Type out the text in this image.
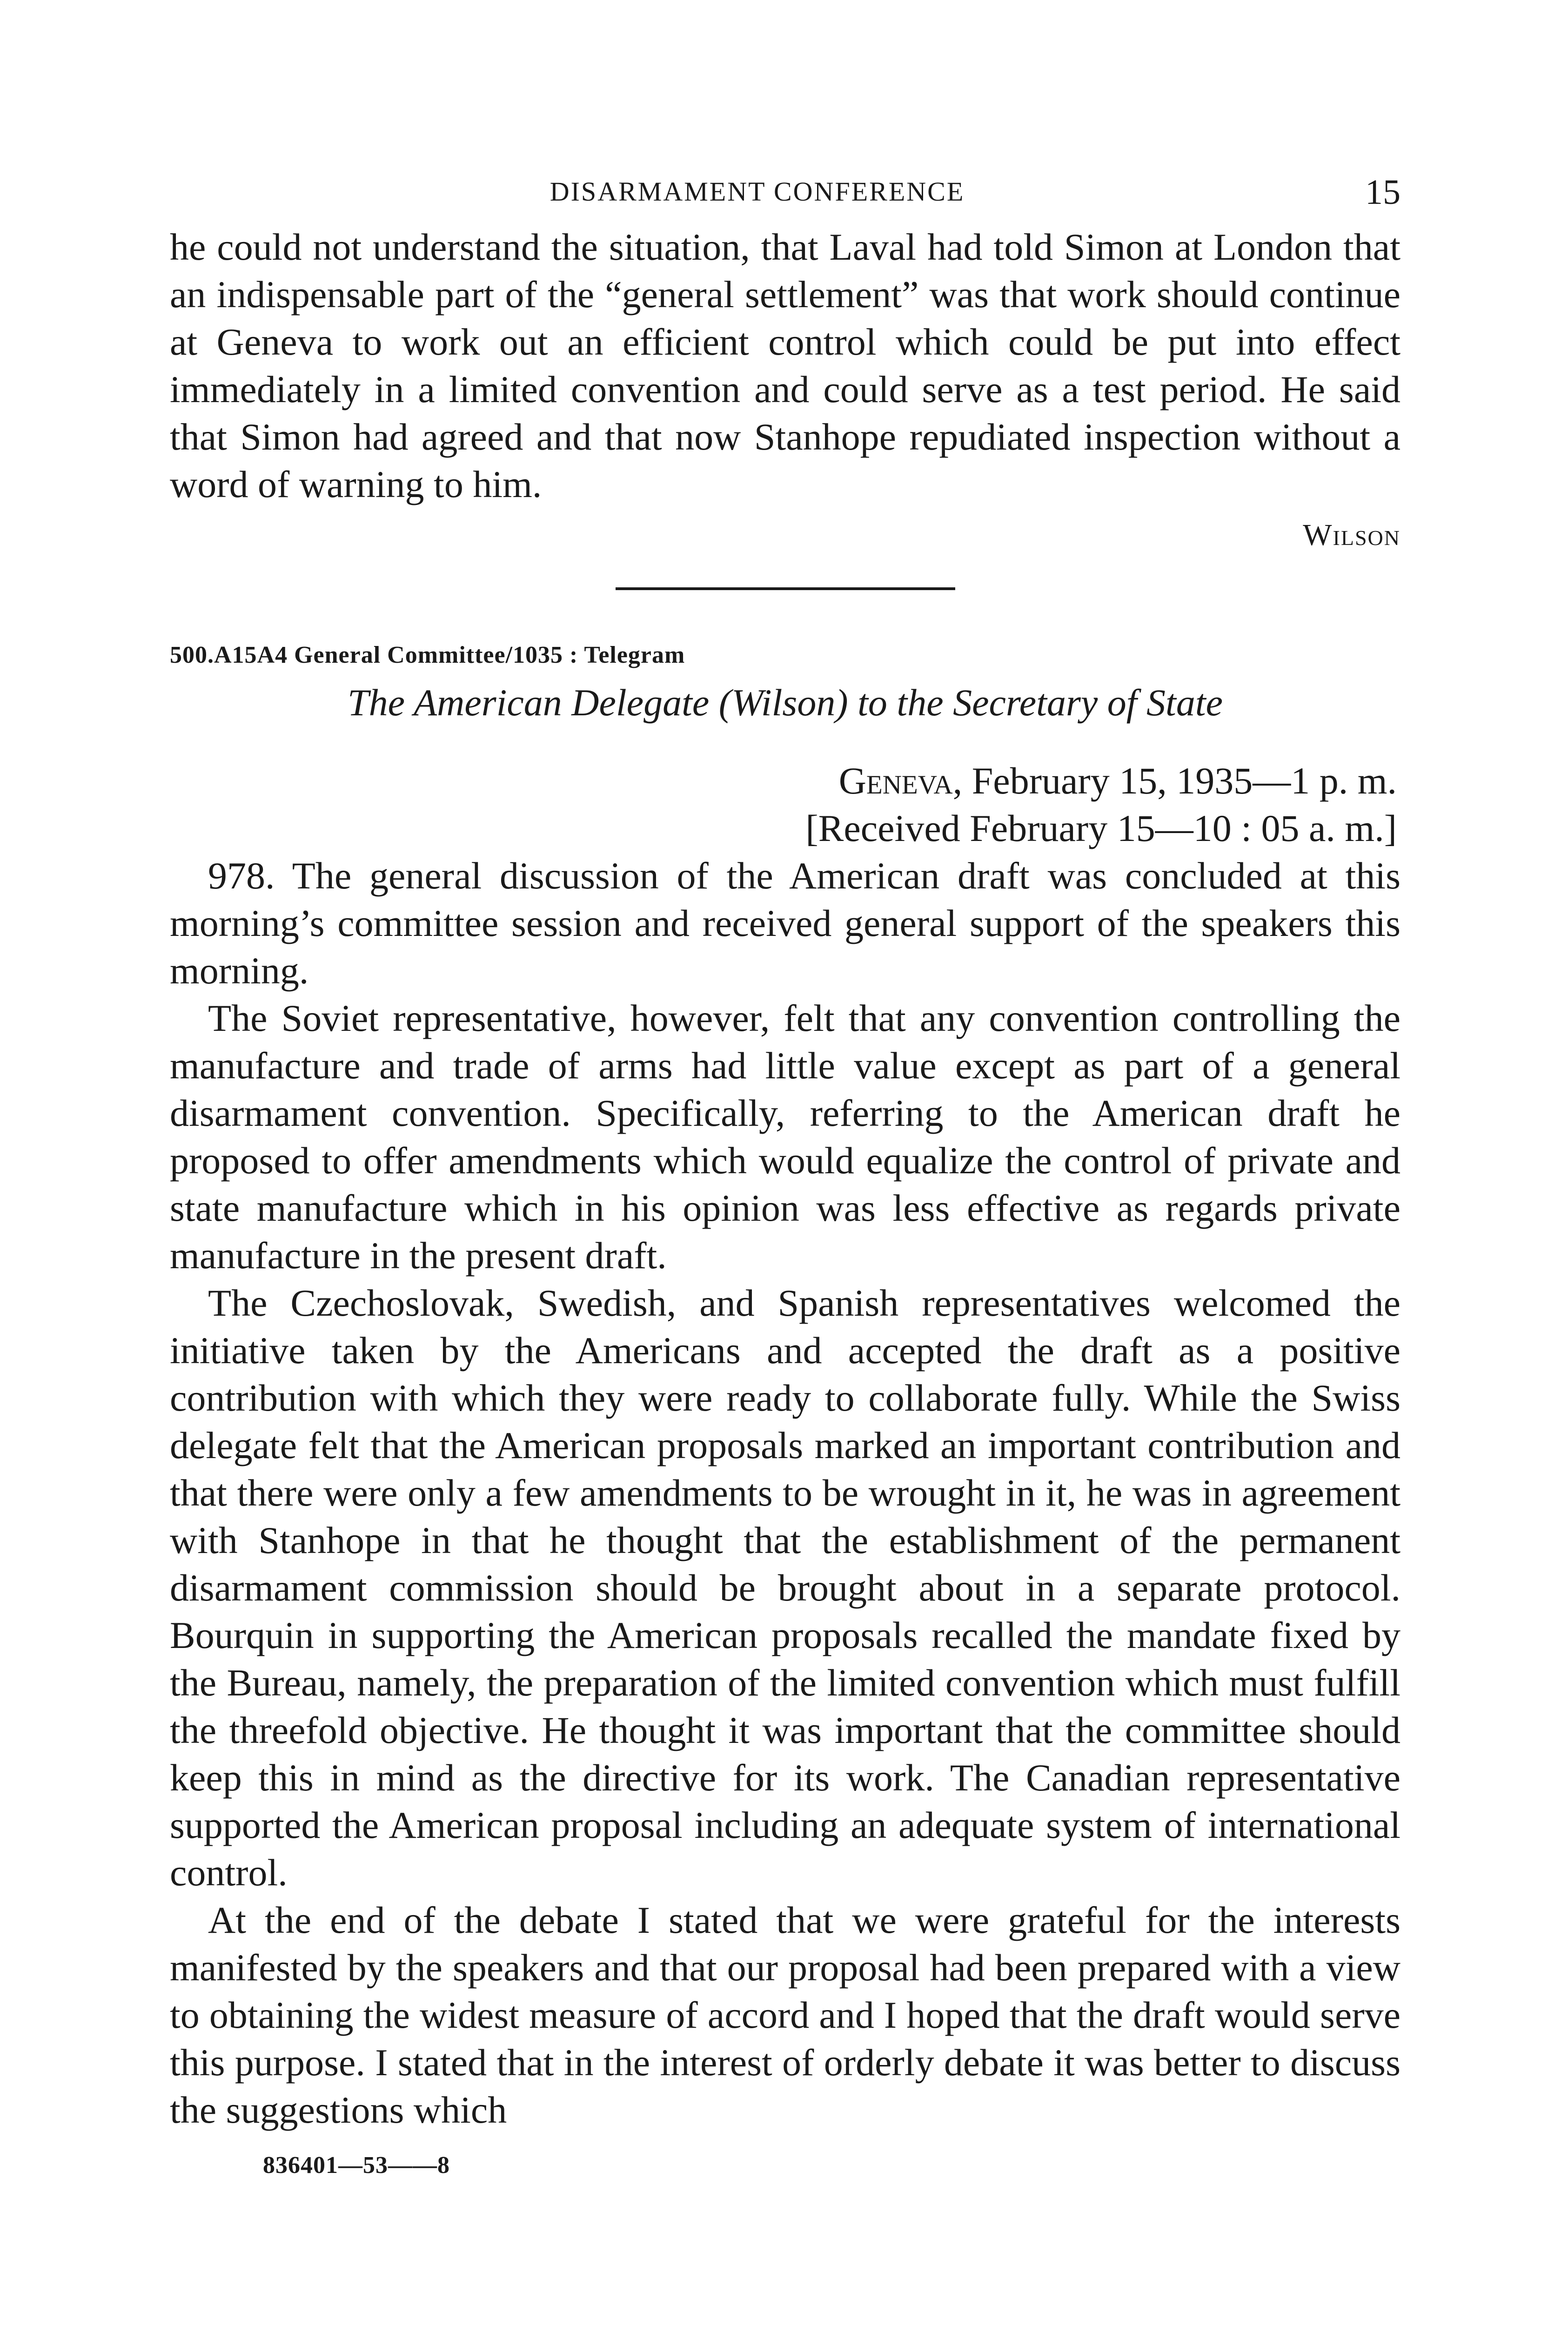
DISARMAMENT CONFERENCE	15

he could not understand the situation, that Laval had told Simon at London that an indispensable part of the “general settlement” was that work should continue at Geneva to work out an efficient control which could be put into effect immediately in a limited convention and could serve as a test period. He said that Simon had agreed and that now Stanhope repudiated inspection without a word of warning to him.

Wilson
500.A15A4 General Committee/1035 : Telegram
The American Delegate (Wilson) to the Secretary of State
Geneva, February 15, 1935—1 p. m.
[Received February 15—10 : 05 a. m.]

978. The general discussion of the American draft was concluded at this morning’s committee session and received general support of the speakers this morning.

The Soviet representative, however, felt that any convention controlling the manufacture and trade of arms had little value except as part of a general disarmament convention. Specifically, referring to the American draft he proposed to offer amendments which would equalize the control of private and state manufacture which in his opinion was less effective as regards private manufacture in the present draft.

The Czechoslovak, Swedish, and Spanish representatives welcomed the initiative taken by the Americans and accepted the draft as a positive contribution with which they were ready to collaborate fully. While the Swiss delegate felt that the American proposals marked an important contribution and that there were only a few amendments to be wrought in it, he was in agreement with Stanhope in that he thought that the establishment of the permanent disarmament commission should be brought about in a separate protocol. Bourquin in supporting the American proposals recalled the mandate fixed by the Bureau, namely, the preparation of the limited convention which must fulfill the threefold objective. He thought it was important that the committee should keep this in mind as the directive for its work. The Canadian representative supported the American proposal including an adequate system of international control.

At the end of the debate I stated that we were grateful for the interests manifested by the speakers and that our proposal had been prepared with a view to obtaining the widest measure of accord and I hoped that the draft would serve this purpose. I stated that in the interest of orderly debate it was better to discuss the suggestions which

836401—53——8
